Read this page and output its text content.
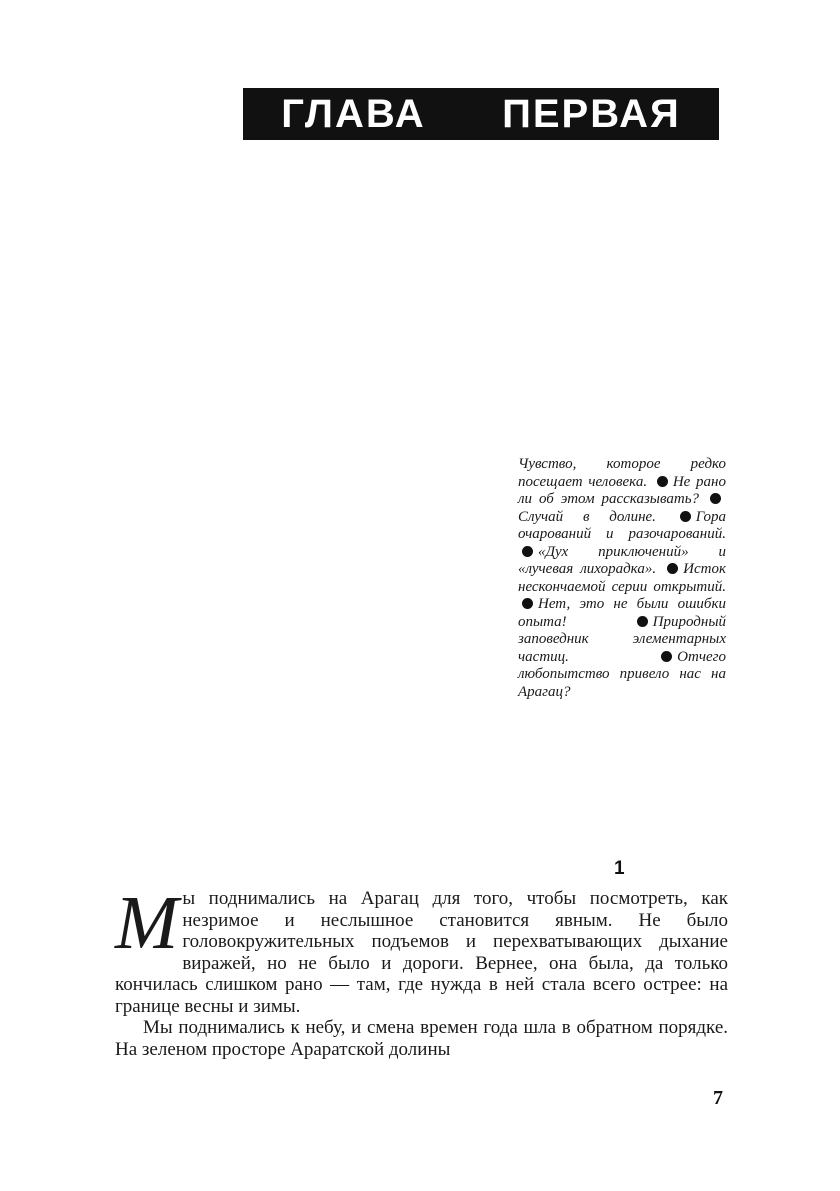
ГЛАВА ПЕРВАЯ
Чувство, которое редко посещает человека. Не рано ли об этом рассказывать? Случай в долине.	Гора очарований и разочарований. «Дух приключений» и «лучевая лихорадка». Исток нескончаемой серии открытий. Нет, это не были ошибки опыта!	Природный заповедник элементарных частиц.	Отчего любопытство привело нас на Арагац?
1

Мы поднимались на Арагац для того, чтобы посмотреть, как незримое и неслышное становится явным. Не было головокружительных подъемов и перехватывающих дыхание виражей, но не было и дороги. Вернее, она была, да только кончилась слишком рано — там, где нужда в ней стала всего острее: на границе весны и зимы.

Мы поднимались к небу, и смена времен года шла в обратном порядке. На зеленом просторе Араратской долины

7
